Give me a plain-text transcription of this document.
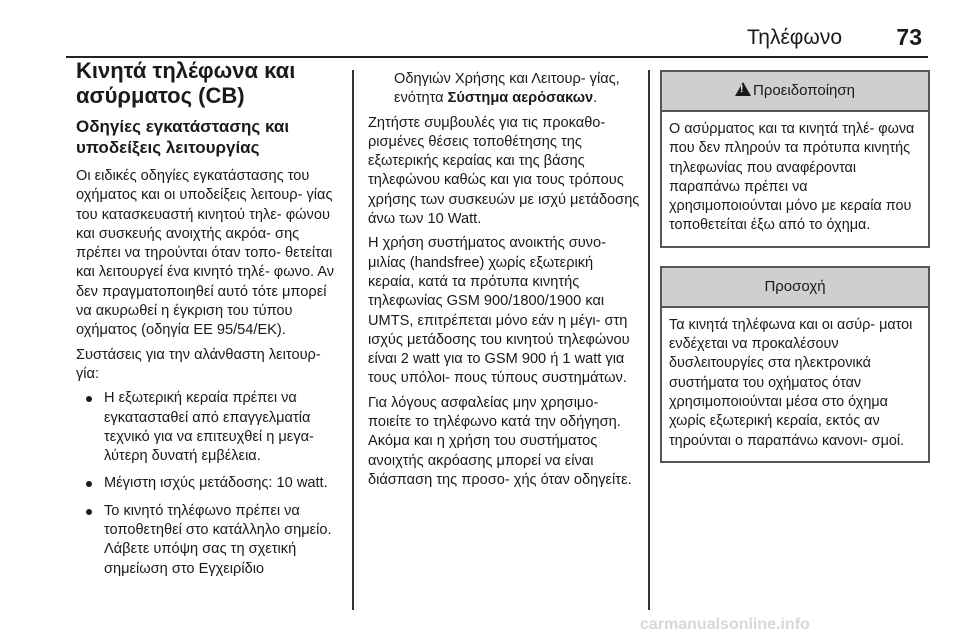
Τηλέφωνο 73
Κινητά τηλέφωνα και ασύρματος (CB)
Οδηγίες εγκατάστασης και υποδείξεις λειτουργίας

Οι ειδικές οδηγίες εγκατάστασης του οχήματος και οι υποδείξεις λειτουρ- γίας του κατασκευαστή κινητού τηλε- φώνου και συσκευής ανοιχτής ακρόα- σης πρέπει να τηρούνται όταν τοπο- θετείται και λειτουργεί ένα κινητό τηλέ- φωνο. Αν δεν πραγματοποιηθεί αυτό τότε μπορεί να ακυρωθεί η έγκριση του τύπου οχήματος (οδηγία ΕΕ 95/54/ΕΚ).

Συστάσεις για την αλάνθαστη λειτουρ- γία:

Η εξωτερική κεραία πρέπει να εγκατασταθεί από επαγγελματία τεχνικό για να επιτευχθεί η μεγα- λύτερη δυνατή εμβέλεια.
Μέγιστη ισχύς μετάδοσης: 10 watt.
Το κινητό τηλέφωνο πρέπει να τοποθετηθεί στο κατάλληλο σημείο. Λάβετε υπόψη σας τη σχετική σημείωση στο Εγχειρίδιο

Οδηγιών Χρήσης και Λειτουρ- γίας, ενότητα Σύστημα αερόσακων.

Ζητήστε συμβουλές για τις προκαθο- ρισμένες θέσεις τοποθέτησης της εξωτερικής κεραίας και της βάσης τηλεφώνου καθώς και για τους τρόπους χρήσης των συσκευών με ισχύ μετάδοσης άνω των 10 Watt.

Η χρήση συστήματος ανοικτής συνο- μιλίας (handsfree) χωρίς εξωτερική κεραία, κατά τα πρότυπα κινητής τηλεφωνίας GSM 900/1800/1900 και UMTS, επιτρέπεται μόνο εάν η μέγι- στη ισχύς μετάδοσης του κινητού τηλεφώνου είναι 2 watt για το GSM 900 ή 1 watt για τους υπόλοι- πους τύπους συστημάτων.

Για λόγους ασφαλείας μην χρησιμο- ποιείτε το τηλέφωνο κατά την οδήγηση. Ακόμα και η χρήση του συστήματος ανοιχτής ακρόασης μπορεί να είναι διάσπαση της προσο- χής όταν οδηγείτε.

!Προειδοποίηση
Ο ασύρματος και τα κινητά τηλέ- φωνα που δεν πληρούν τα πρότυπα κινητής τηλεφωνίας που αναφέρονται παραπάνω πρέπει να χρησιμοποιούνται μόνο με κεραία που τοποθετείται έξω από το όχημα.
Προσοχή
Τα κινητά τηλέφωνα και οι ασύρ- ματοι ενδέχεται να προκαλέσουν δυσλειτουργίες στα ηλεκτρονικά συστήματα του οχήματος όταν χρησιμοποιούνται μέσα στο όχημα χωρίς εξωτερική κεραία, εκτός αν τηρούνται ο παραπάνω κανονι- σμοί.
carmanualsonline.info
